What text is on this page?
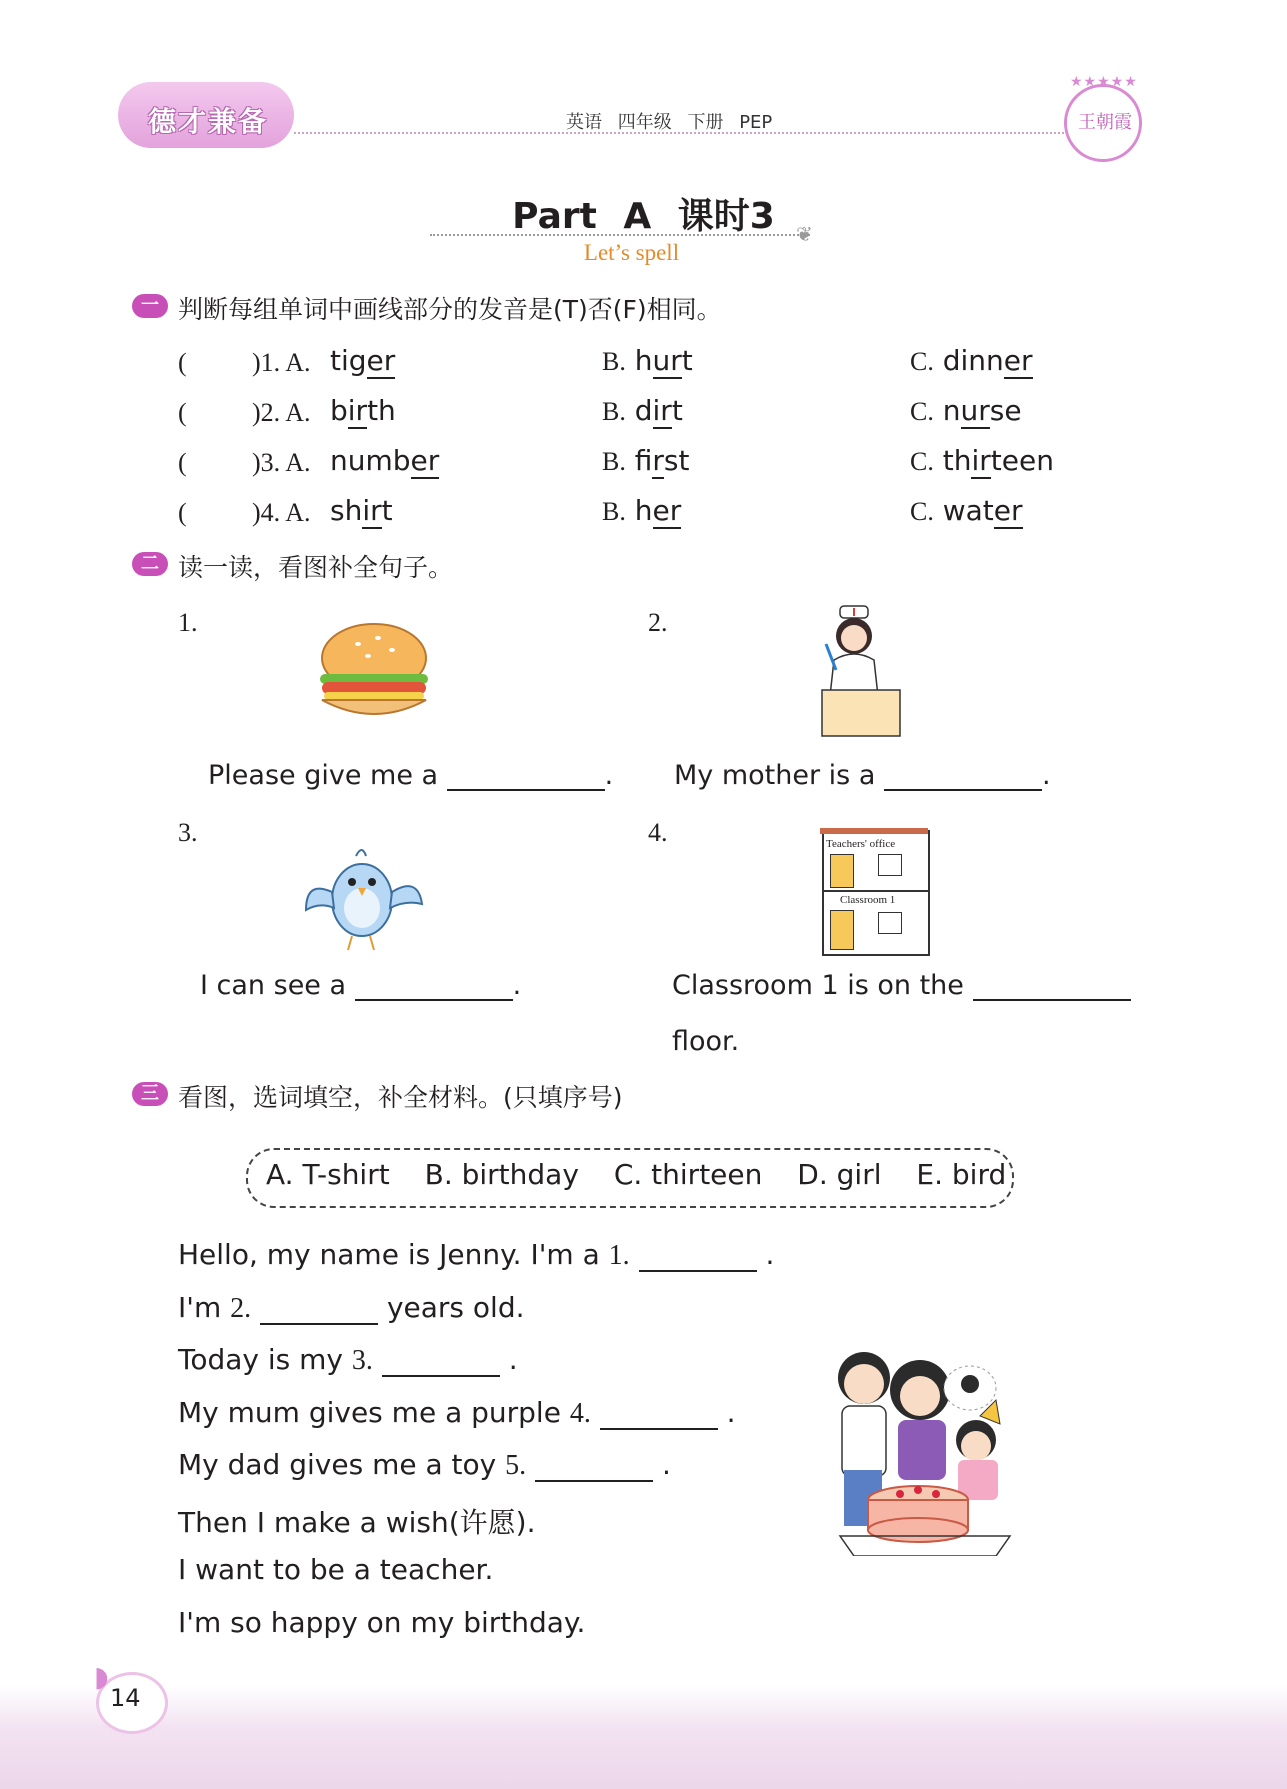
德才兼备	英语 四年级 下册 PEP
★★★★★
王朝霞
Part A 课时3	❦
Let’s spell
一 判断每组单词中画线部分的发音是(T)否(F)相同。
(	)1. A. tiger	B. hurt	C. dinner
(	)2. A. birth	B. dirt	C. nurse
(	)3. A. number	B. first	C. thirteen
(	)4. A. shirt	B. her	C. water
二 读一读，看图补全句子。
1.
Please give me a	.
2.
My mother is a	.
3.
I can see a	.
4.	Teachers' office
Classroom 1
Classroom 1 is on the
floor.
三 看图，选词填空，补全材料。(只填序号)
A. T-shirt B. birthday C. thirteen D. girl E. bird
Hello, my name is Jenny. I'm a 1.	.
I'm 2.	years old.
Today is my 3.	.
My mum gives me a purple 4.	.
My dad gives me a toy 5.	.
Then I make a wish(许愿).
I want to be a teacher.
I'm so happy on my birthday.
◗
14
